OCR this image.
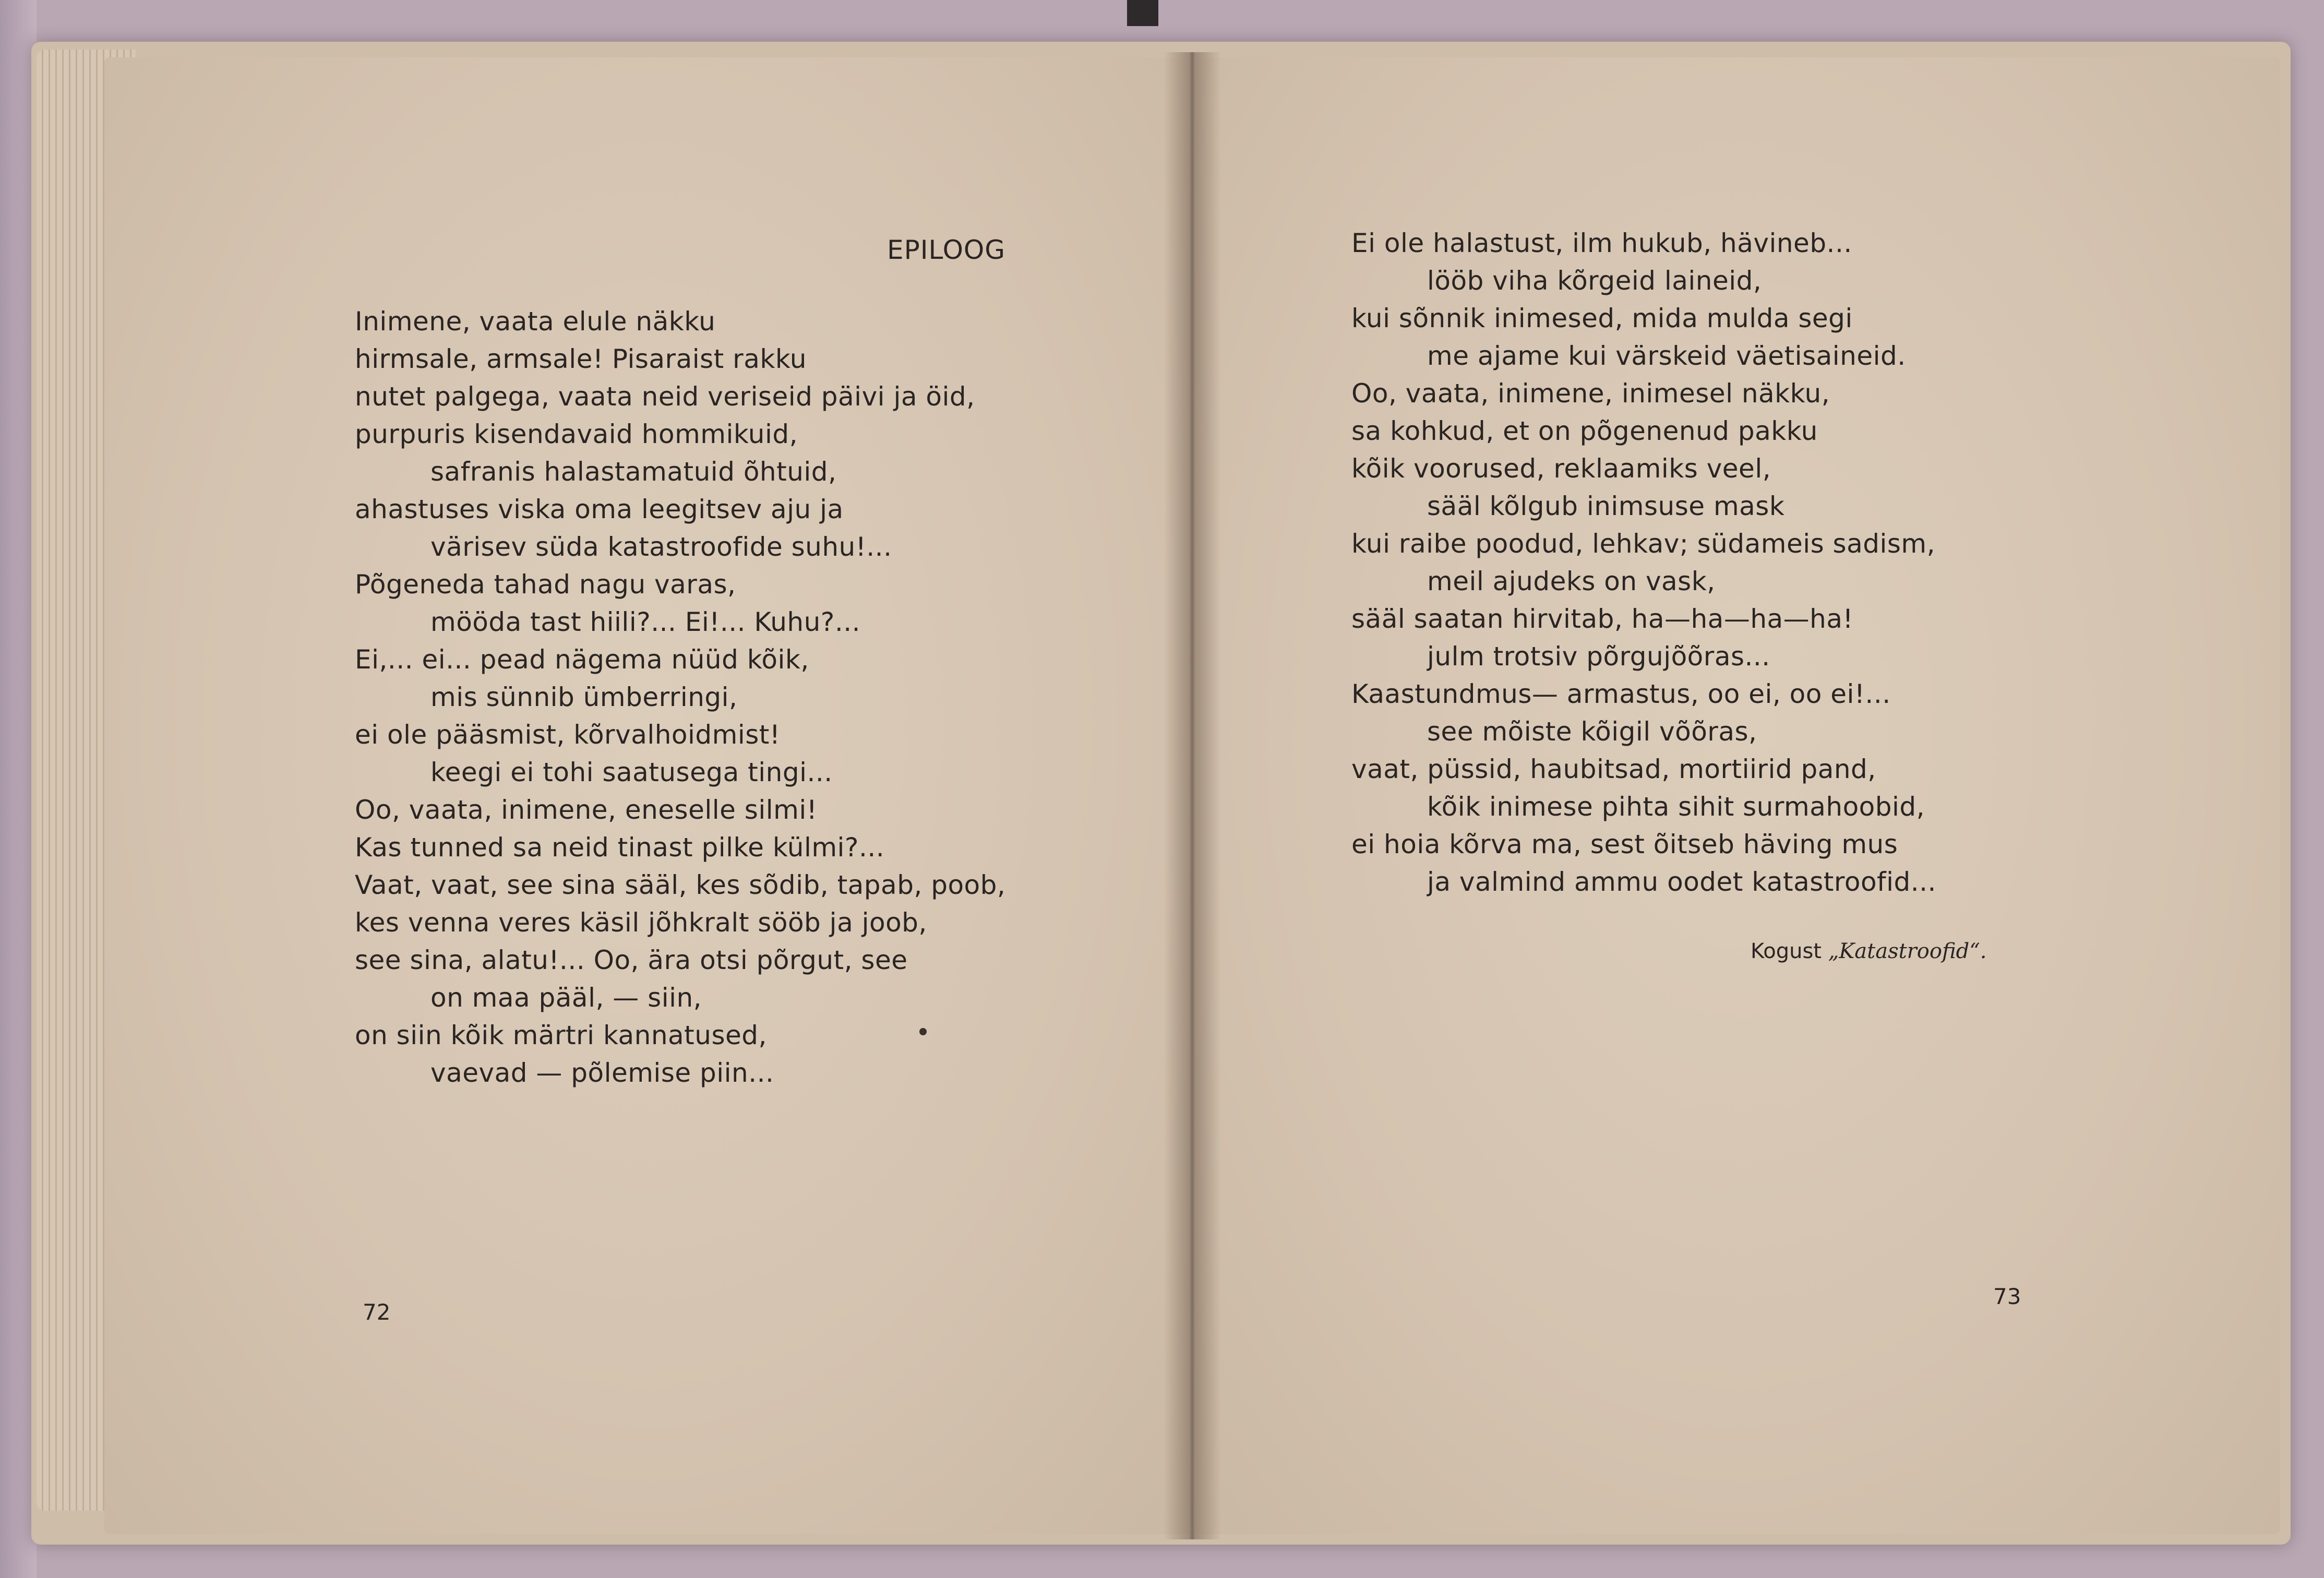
EPILOOG
Inimene, vaata elule näkku
hirmsale, armsale! Pisaraist rakku
nutet palgega, vaata neid veriseid päivi ja öid,
purpuris kisendavaid hommikuid,
safranis halastamatuid õhtuid,
ahastuses viska oma leegitsev aju ja
värisev süda katastroofide suhu!...
Põgeneda tahad nagu varas,
mööda tast hiili?... Ei!... Kuhu?...
Ei,... ei... pead nägema nüüd kõik,
mis sünnib ümberringi,
ei ole pääsmist, kõrvalhoidmist!
keegi ei tohi saatusega tingi...
Oo, vaata, inimene, eneselle silmi!
Kas tunned sa neid tinast pilke külmi?...
Vaat, vaat, see sina sääl, kes sõdib, tapab, poob,
kes venna veres käsil jõhkralt sööb ja joob,
see sina, alatu!... Oo, ära otsi põrgut, see
on maa pääl, — siin,
on siin kõik märtri kannatused,
vaevad — põlemise piin...
72
Ei ole halastust, ilm hukub, hävineb...
lööb viha kõrgeid laineid,
kui sõnnik inimesed, mida mulda segi
me ajame kui värskeid väetisaineid.
Oo, vaata, inimene, inimesel näkku,
sa kohkud, et on põgenenud pakku
kõik voorused, reklaamiks veel,
sääl kõlgub inimsuse mask
kui raibe poodud, lehkav; südameis sadism,
meil ajudeks on vask,
sääl saatan hirvitab, ha—ha—ha—ha!
julm trotsiv põrgujõõras...
Kaastundmus— armastus, oo ei, oo ei!...
see mõiste kõigil võõras,
vaat, püssid, haubitsad, mortiirid pand,
kõik inimese pihta sihit surmahoobid,
ei hoia kõrva ma, sest õitseb häving mus
ja valmind ammu oodet katastroofid...
Kogust „Katastroofid“.
73
